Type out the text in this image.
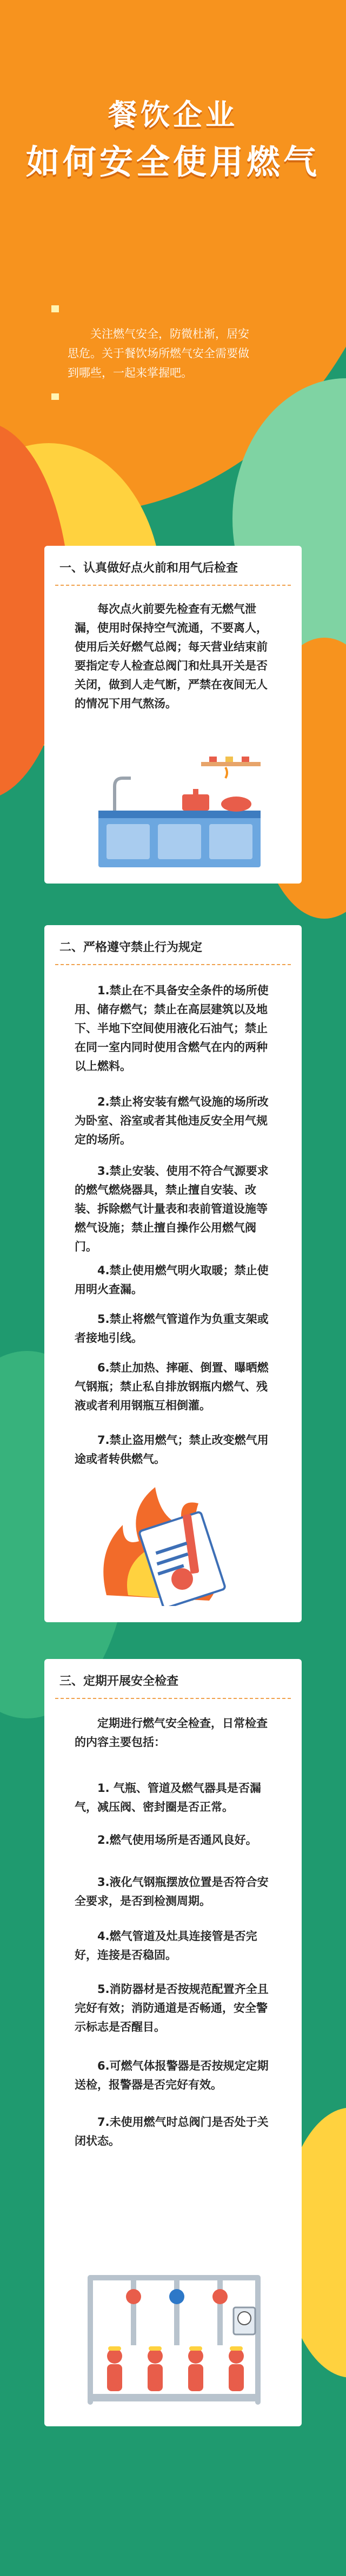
餐饮企业
如何安全使用燃气
关注燃气安全，防微杜渐，居安思危。关于餐饮场所燃气安全需要做到哪些，一起来掌握吧。
一、认真做好点火前和用气后检查
每次点火前要先检查有无燃气泄漏，使用时保持空气流通，不要离人，使用后关好燃气总阀；每天营业结束前要指定专人检查总阀门和灶具开关是否关闭，做到人走气断，严禁在夜间无人的情况下用气熬汤。
二、严格遵守禁止行为规定
1.禁止在不具备安全条件的场所使用、储存燃气；禁止在高层建筑以及地下、半地下空间使用液化石油气；禁止在同一室内同时使用含燃气在内的两种以上燃料。
2.禁止将安装有燃气设施的场所改为卧室、浴室或者其他违反安全用气规定的场所。
3.禁止安装、使用不符合气源要求的燃气燃烧器具，禁止擅自安装、改装、拆除燃气计量表和表前管道设施等燃气设施；禁止擅自操作公用燃气阀门。
4.禁止使用燃气明火取暖；禁止使用明火查漏。
5.禁止将燃气管道作为负重支架或者接地引线。
6.禁止加热、摔砸、倒置、曝晒燃气钢瓶；禁止私自排放钢瓶内燃气、残液或者利用钢瓶互相倒灌。
7.禁止盗用燃气；禁止改变燃气用途或者转供燃气。
三、定期开展安全检查
定期进行燃气安全检查，日常检查的内容主要包括：
1. 气瓶、管道及燃气器具是否漏气，减压阀、密封圈是否正常。
2.燃气使用场所是否通风良好。
3.液化气钢瓶摆放位置是否符合安全要求，是否到检测周期。
4.燃气管道及灶具连接管是否完好，连接是否稳固。
5.消防器材是否按规范配置齐全且完好有效；消防通道是否畅通，安全警示标志是否醒目。
6.可燃气体报警器是否按规定定期送检，报警器是否完好有效。
7.未使用燃气时总阀门是否处于关闭状态。
